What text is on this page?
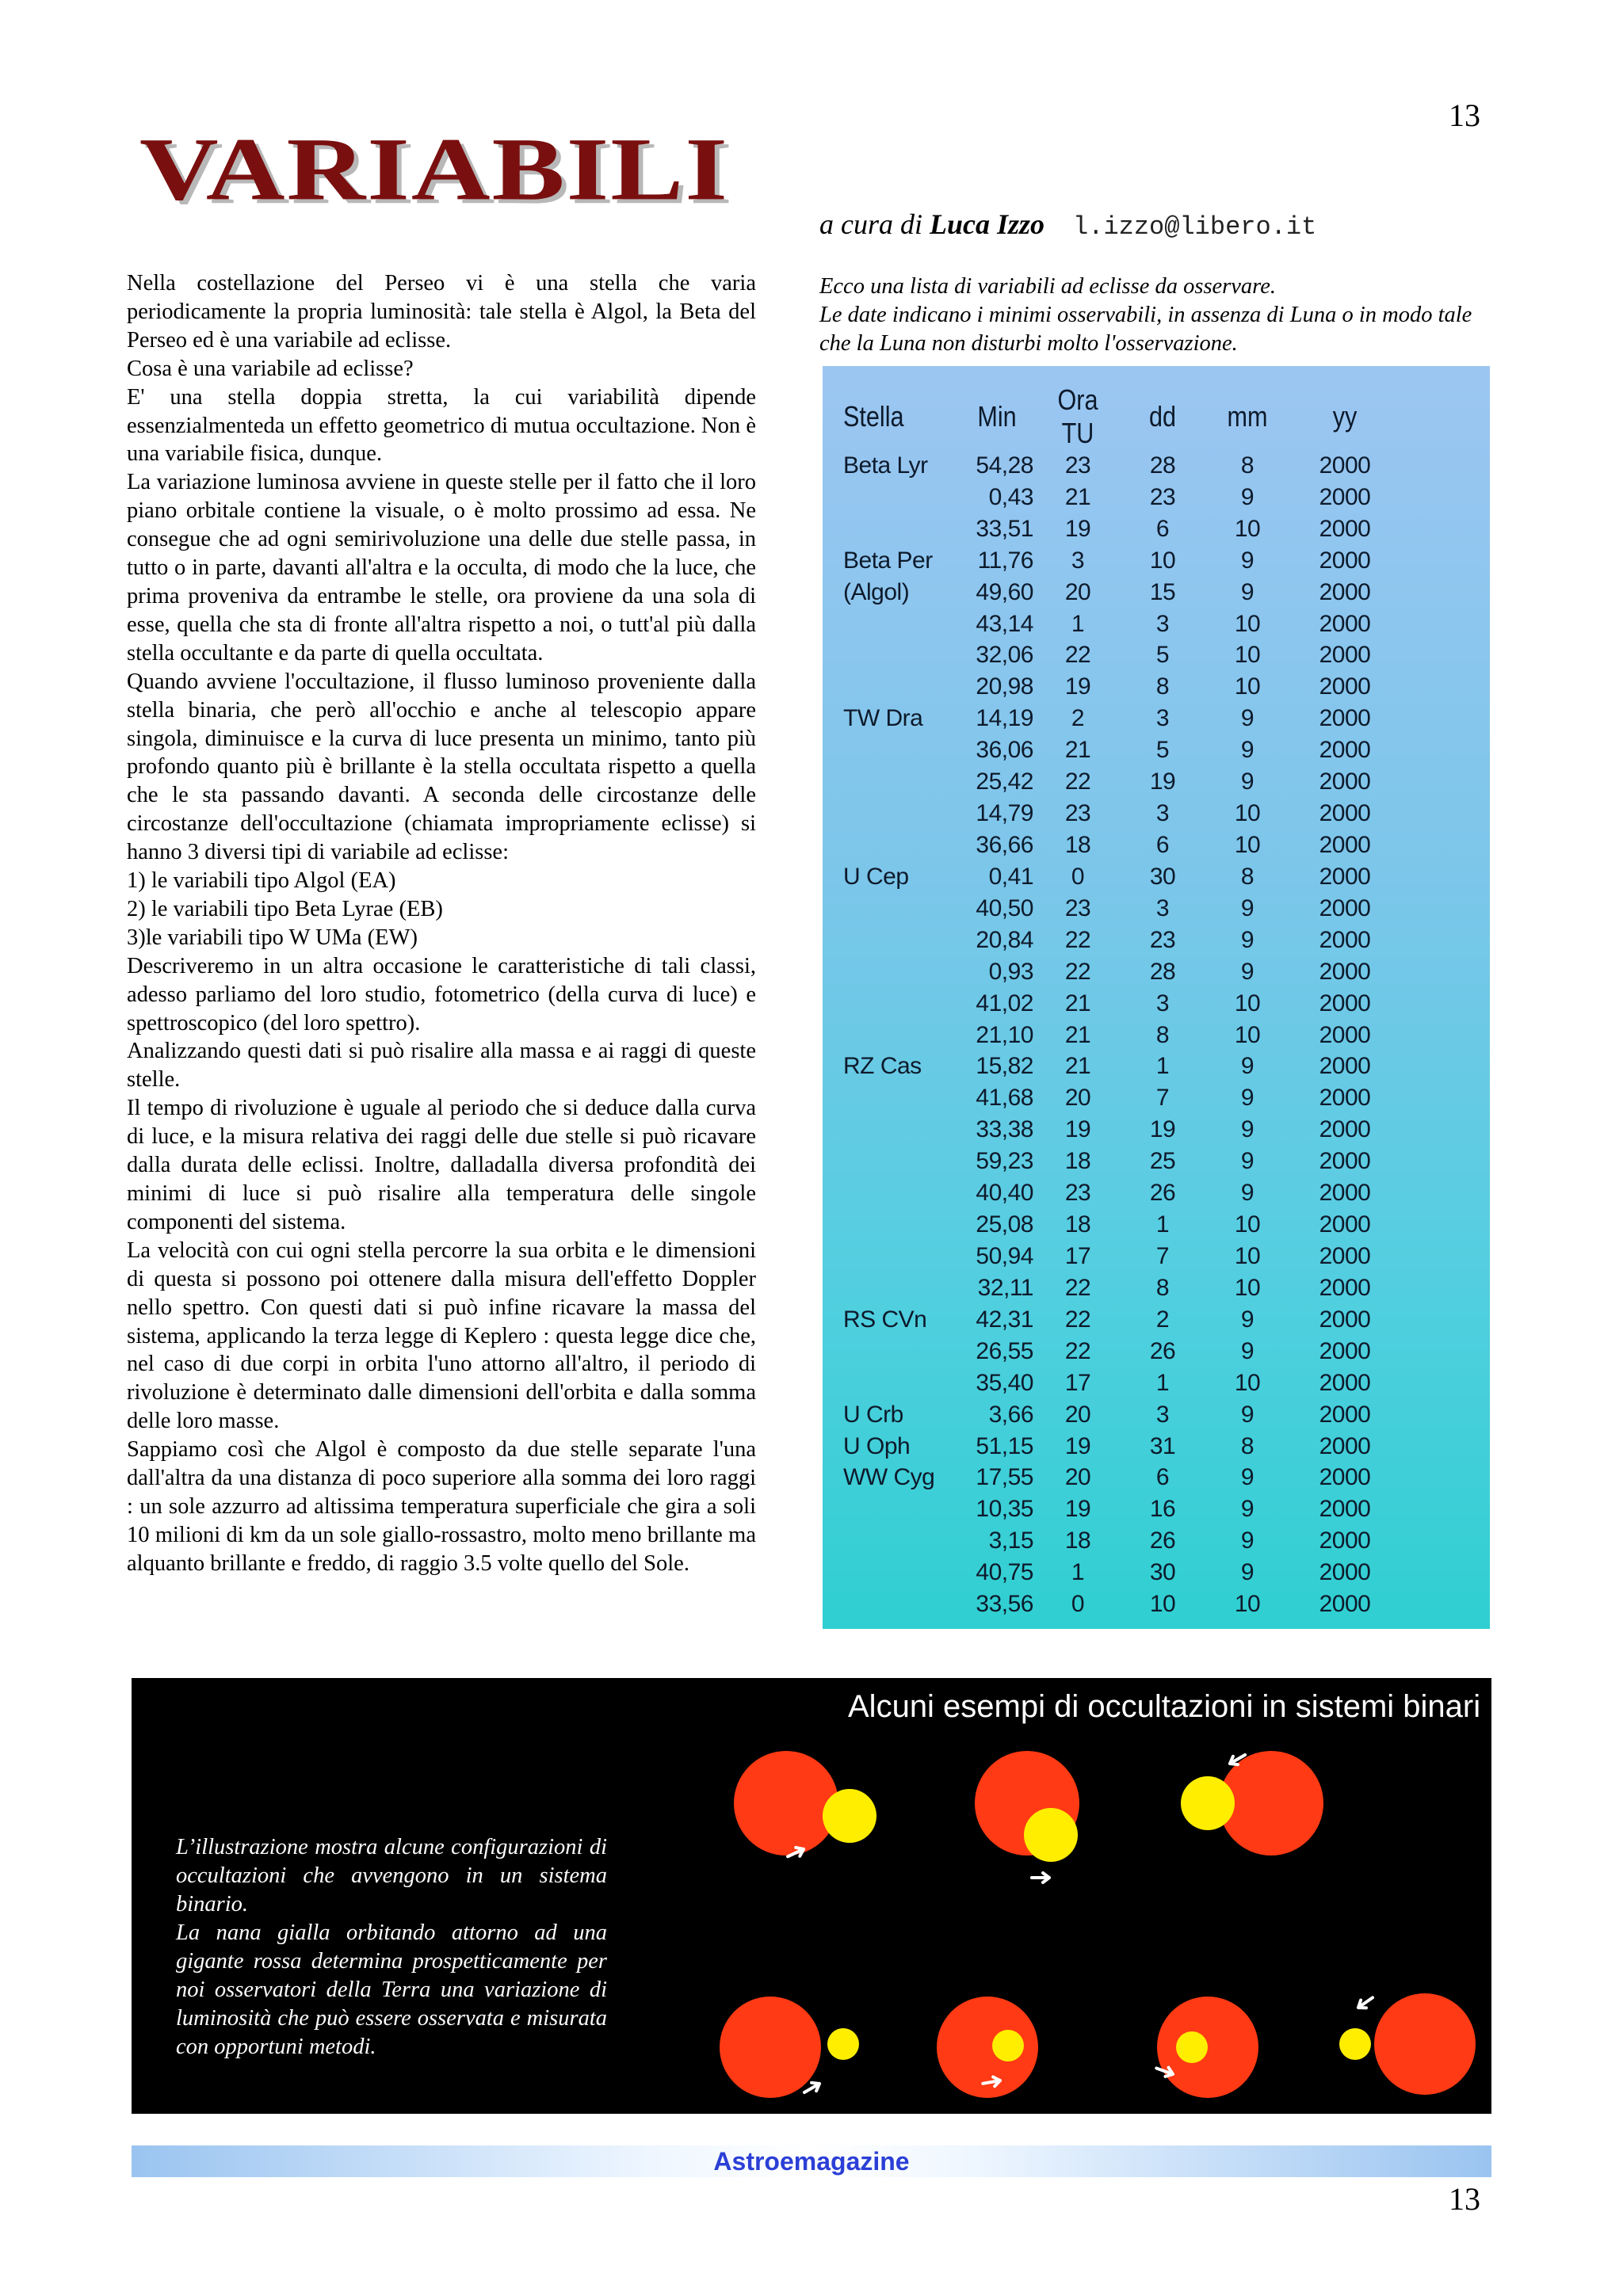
13
VARIABILI
a cura di Luca Izzo l.izzo@libero.it

Nella costellazione del Perseo vi è una stella che varia periodicamente la propria luminosità: tale stella è Algol, la Beta del Perseo ed è una variabile ad eclisse.

Cosa è una variabile ad eclisse?

E' una stella doppia stretta, la cui variabilità dipende essenzialmenteda un effetto geometrico di mutua occultazione. Non è una variabile fisica, dunque.

La variazione luminosa avviene in queste stelle per il fatto che il loro piano orbitale contiene la visuale, o è molto prossimo ad essa. Ne consegue che ad ogni semirivoluzione una delle due stelle passa, in tutto o in parte, davanti all'altra e la occulta, di modo che la luce, che prima proveniva da entrambe le stelle, ora proviene da una sola di esse, quella che sta di fronte all'altra rispetto a noi, o tutt'al più dalla stella occultante e da parte di quella occultata.

Quando avviene l'occultazione, il flusso luminoso proveniente dalla stella binaria, che però all'occhio e anche al telescopio appare singola, diminuisce e la curva di luce presenta un minimo, tanto più profondo quanto più è brillante è la stella occultata rispetto a quella che le sta passando davanti. A seconda delle circostanze delle circostanze dell'occultazione (chiamata impropriamente eclisse) si hanno 3 diversi tipi di variabile ad eclisse:

1) le variabili tipo Algol (EA)

2) le variabili tipo Beta Lyrae (EB)

3)le variabili tipo W UMa (EW)

Descriveremo in un altra occasione le caratteristiche di tali classi, adesso parliamo del loro studio, fotometrico (della curva di luce) e spettroscopico (del loro spettro).

Analizzando questi dati si può risalire alla massa e ai raggi di queste stelle.

Il tempo di rivoluzione è uguale al periodo che si deduce dalla curva di luce, e la misura relativa dei raggi delle due stelle si può ricavare dalla durata delle eclissi. Inoltre, dalladalla diversa profondità dei minimi di luce si può risalire alla temperatura delle singole componenti del sistema.

La velocità con cui ogni stella percorre la sua orbita e le dimensioni di questa si possono poi ottenere dalla misura dell'effetto Doppler nello spettro. Con questi dati si può infine ricavare la massa del sistema, applicando la terza legge di Keplero : questa legge dice che, nel caso di due corpi in orbita l'uno attorno all'altro, il periodo di rivoluzione è determinato dalle dimensioni dell'orbita e dalla somma delle loro masse.

Sappiamo così che Algol è composto da due stelle separate l'una dall'altra da una distanza di poco superiore alla somma dei loro raggi : un sole azzurro ad altissima temperatura superficiale che gira a soli 10 milioni di km da un sole giallo-rossastro, molto meno brillante ma alquanto brillante e freddo, di raggio 3.5 volte quello del Sole.

Ecco una lista di variabili ad eclisse da osservare.

Le date indicano i minimi osservabili, in assenza di Luna o in modo tale che la Luna non disturbi molto l'osservazione.

Stella	Min	Ora TU	dd	mm	yy
Beta Lyr	54,28	23	28	8	2000
	0,43	21	23	9	2000
	33,51	19	6	10	2000
Beta Per	11,76	3	10	9	2000
(Algol)	49,60	20	15	9	2000
	43,14	1	3	10	2000
	32,06	22	5	10	2000
	20,98	19	8	10	2000
TW Dra	14,19	2	3	9	2000
	36,06	21	5	9	2000
	25,42	22	19	9	2000
	14,79	23	3	10	2000
	36,66	18	6	10	2000
U Cep	0,41	0	30	8	2000
	40,50	23	3	9	2000
	20,84	22	23	9	2000
	0,93	22	28	9	2000
	41,02	21	3	10	2000
	21,10	21	8	10	2000
RZ Cas	15,82	21	1	9	2000
	41,68	20	7	9	2000
	33,38	19	19	9	2000
	59,23	18	25	9	2000
	40,40	23	26	9	2000
	25,08	18	1	10	2000
	50,94	17	7	10	2000
	32,11	22	8	10	2000
RS CVn	42,31	22	2	9	2000
	26,55	22	26	9	2000
	35,40	17	1	10	2000
U Crb	3,66	20	3	9	2000
U Oph	51,15	19	31	8	2000
WW Cyg	17,55	20	6	9	2000
	10,35	19	16	9	2000
	3,15	18	26	9	2000
	40,75	1	30	9	2000
	33,56	0	10	10	2000

L’illustrazione mostra alcune configurazioni di occultazioni che avvengono in un sistema binario.

La nana gialla orbitando attorno ad una gigante rossa determina prospetticamente per noi osservatori della Terra una variazione di luminosità che può essere osservata e misurata con opportuni metodi.

Alcuni esempi di occultazioni in sistemi binari
Astroemagazine
13
